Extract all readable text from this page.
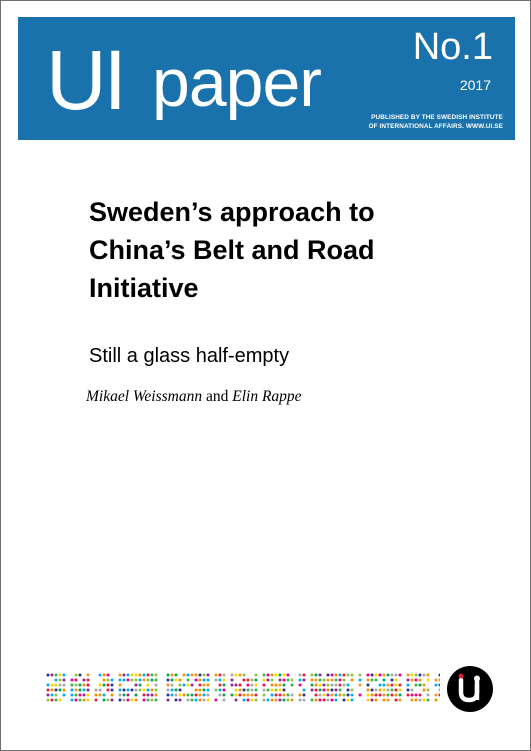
UI paper No.1
2017
PUBLISHED BY THE SWEDISH INSTITUTE
OF INTERNATIONAL AFFAIRS. WWW.UI.SE
Sweden’s approach to
China’s Belt and Road
Initiative
Still a glass half-empty
Mikael Weissmann and Elin Rappe
